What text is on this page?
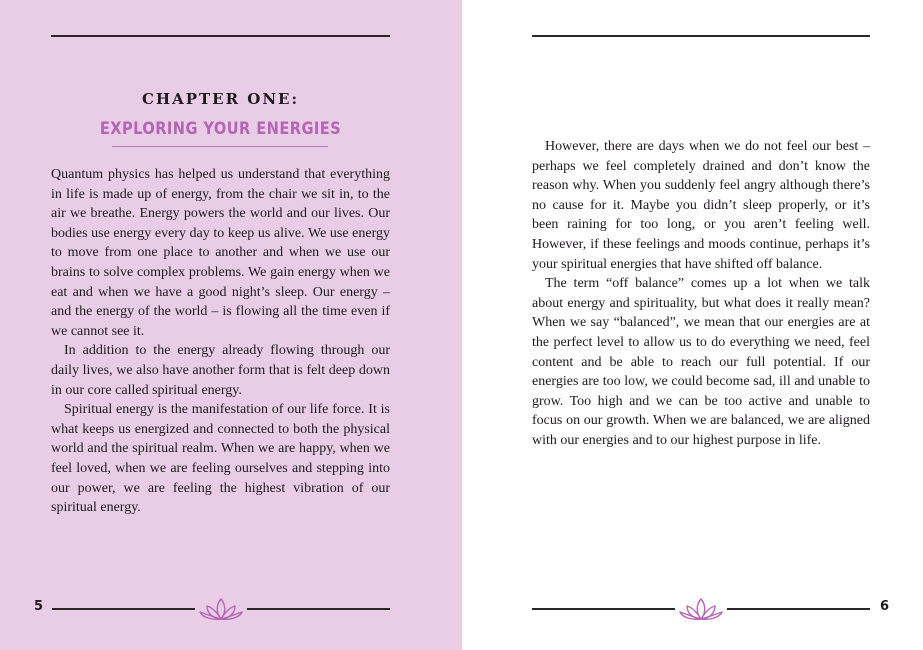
CHAPTER ONE:
EXPLORING YOUR ENERGIES

Quantum physics has helped us understand that everything in life is made up of energy, from the chair we sit in, to the air we breathe. Energy powers the world and our lives. Our bodies use energy every day to keep us alive. We use energy to move from one place to another and when we use our brains to solve complex problems. We gain energy when we eat and when we have a good night’s sleep. Our energy – and the energy of the world – is flowing all the time even if we cannot see it.

In addition to the energy already flowing through our daily lives, we also have another form that is felt deep down in our core called spiritual energy.

Spiritual energy is the manifestation of our life force. It is what keeps us energized and connected to both the physical world and the spiritual realm. When we are happy, when we feel loved, when we are feeling ourselves and stepping into our power, we are feeling the highest vibration of our spiritual energy.

5

However, there are days when we do not feel our best – perhaps we feel completely drained and don’t know the reason why. When you suddenly feel angry although there’s no cause for it. Maybe you didn’t sleep properly, or it’s been raining for too long, or you aren’t feeling well. However, if these feelings and moods continue, perhaps it’s your spiritual energies that have shifted off balance.

The term “off balance” comes up a lot when we talk about energy and spirituality, but what does it really mean? When we say “balanced”, we mean that our energies are at the perfect level to allow us to do everything we need, feel content and be able to reach our full potential. If our energies are too low, we could become sad, ill and unable to grow. Too high and we can be too active and unable to focus on our growth. When we are balanced, we are aligned with our energies and to our highest purpose in life.

6
